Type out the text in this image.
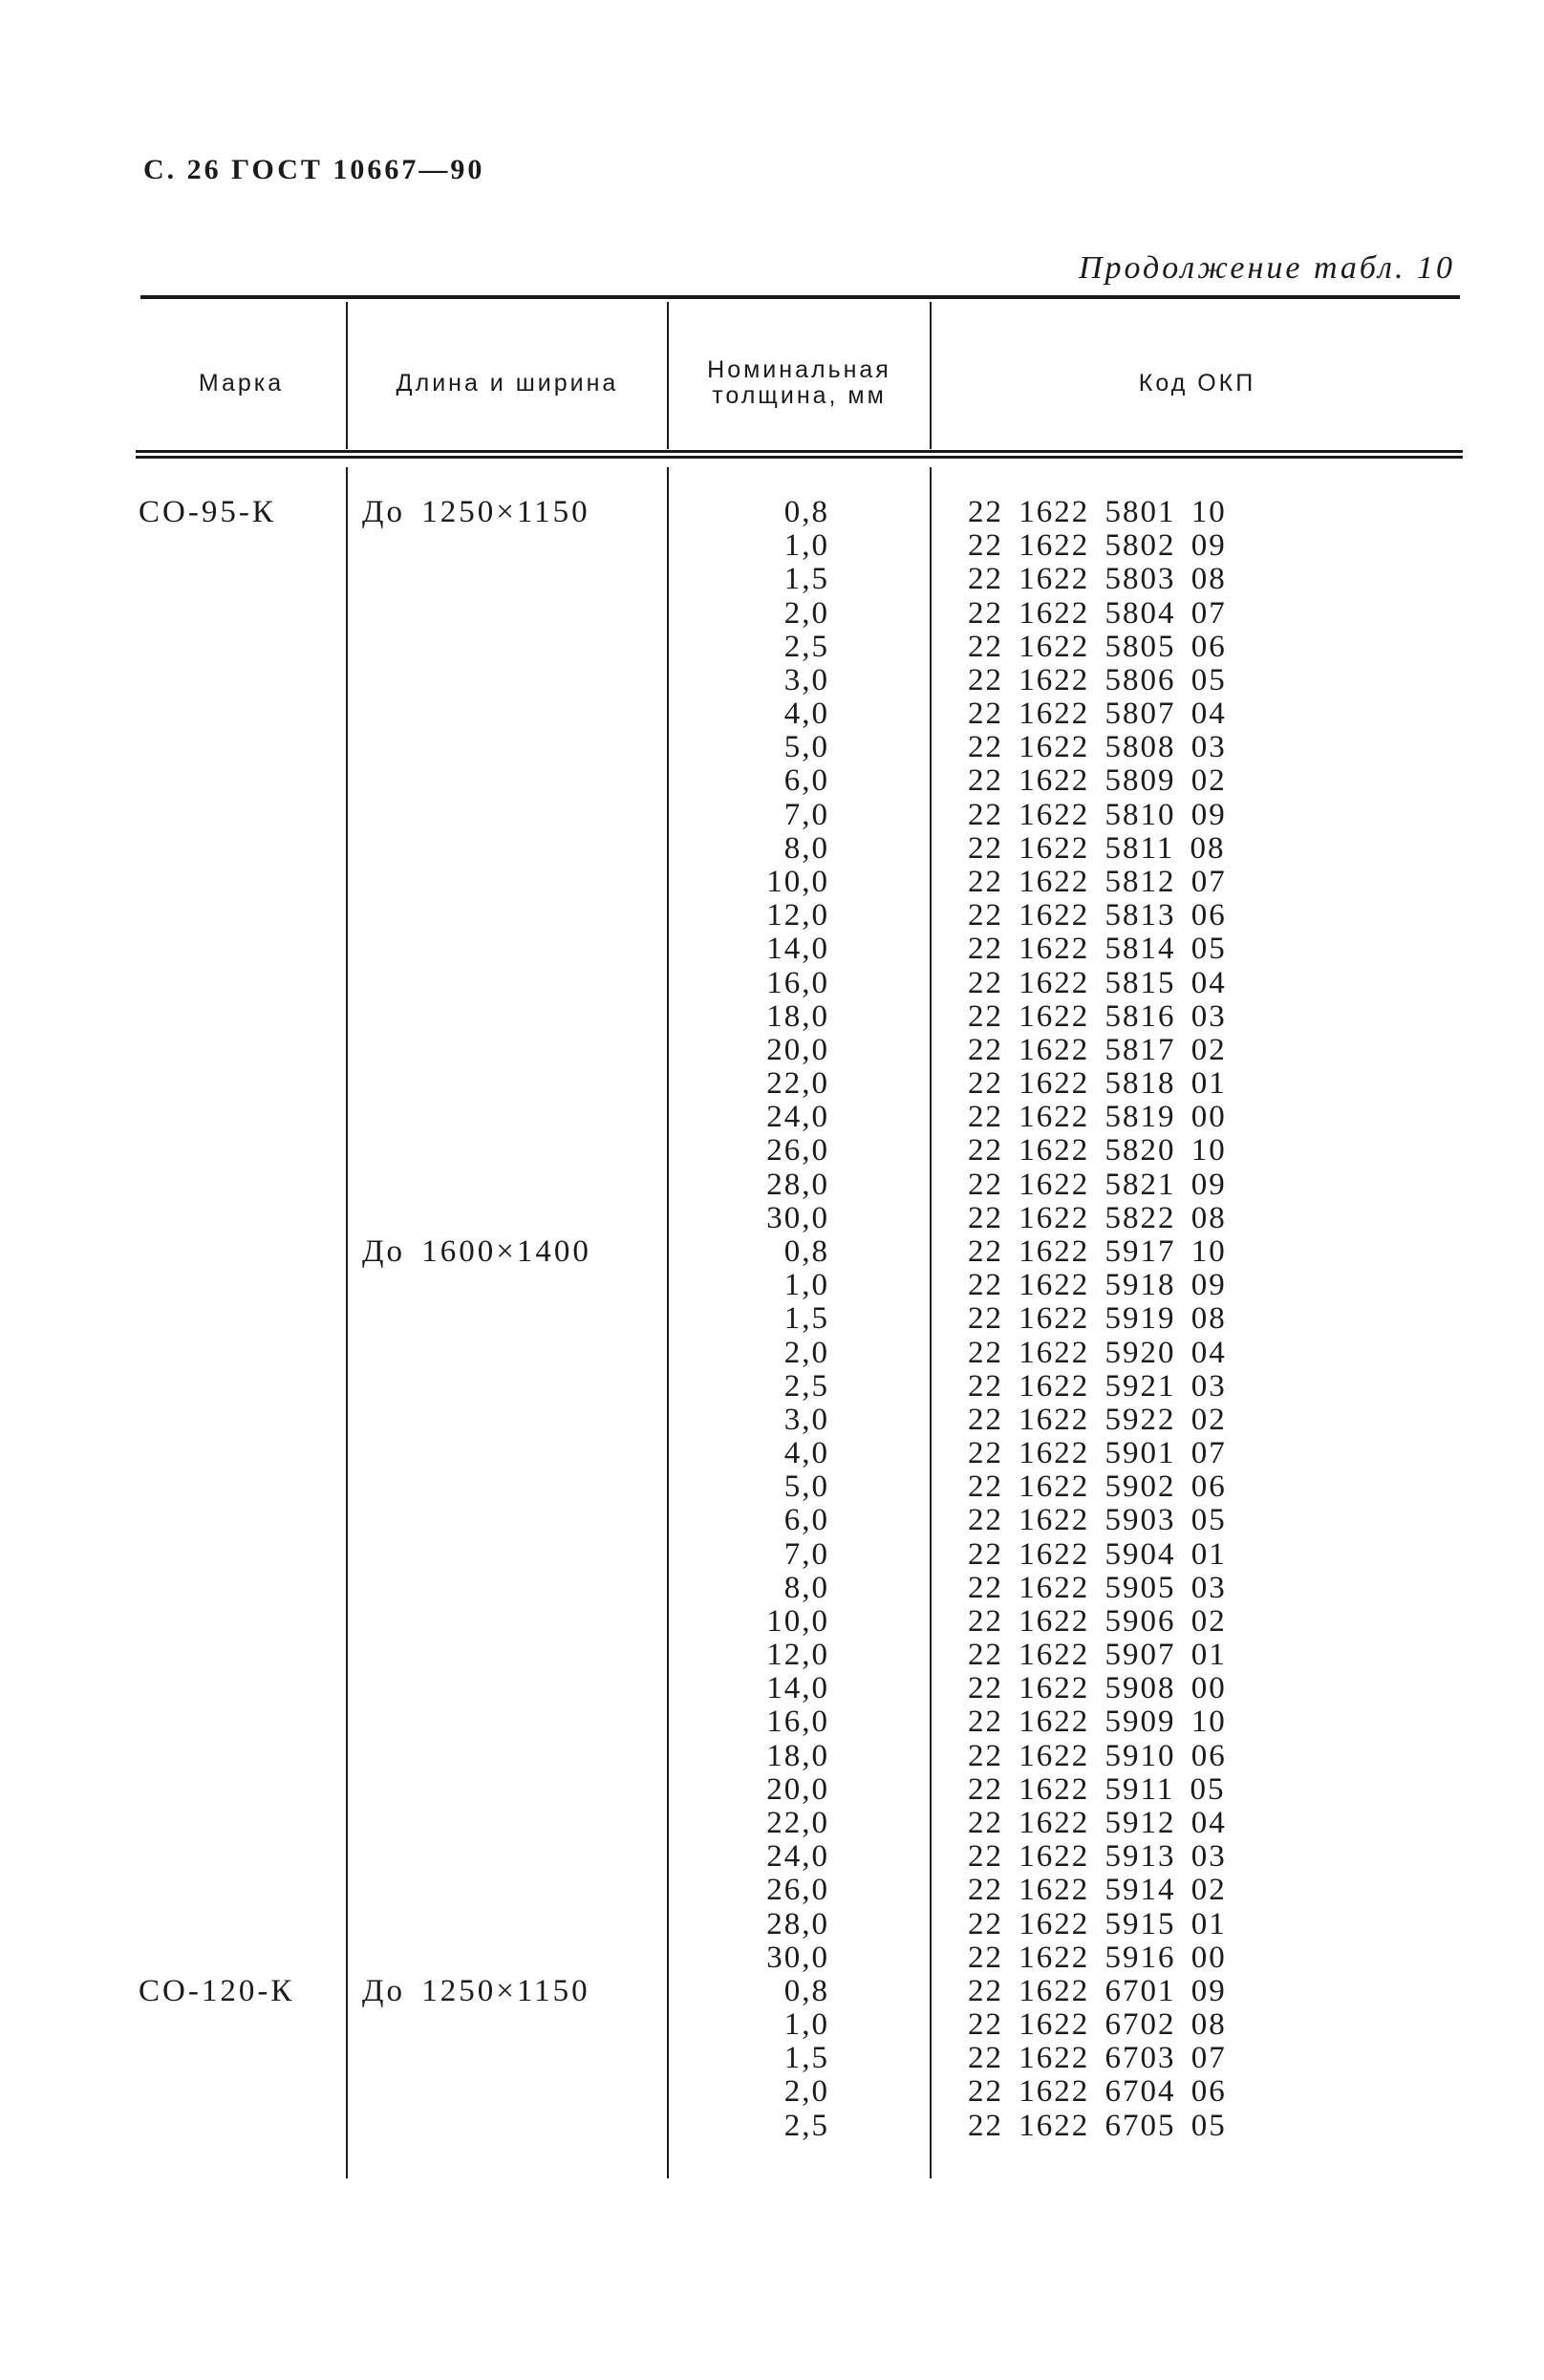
С. 26 ГОСТ 10667—90
Продолжение табл. 10
Марка	Длина и ширина	Номинальная толщина, мм	Код ОКП
СО-95-К	До 1250×1150	0,8	22 1622 5801 10
1,0	22 1622 5802 09
1,5	22 1622 5803 08
2,0	22 1622 5804 07
2,5	22 1622 5805 06
3,0	22 1622 5806 05
4,0	22 1622 5807 04
5,0	22 1622 5808 03
6,0	22 1622 5809 02
7,0	22 1622 5810 09
8,0	22 1622 5811 08
10,0	22 1622 5812 07
12,0	22 1622 5813 06
14,0	22 1622 5814 05
16,0	22 1622 5815 04
18,0	22 1622 5816 03
20,0	22 1622 5817 02
22,0	22 1622 5818 01
24,0	22 1622 5819 00
26,0	22 1622 5820 10
28,0	22 1622 5821 09
30,0	22 1622 5822 08
До 1600×1400	0,8	22 1622 5917 10
1,0	22 1622 5918 09
1,5	22 1622 5919 08
2,0	22 1622 5920 04
2,5	22 1622 5921 03
3,0	22 1622 5922 02
4,0	22 1622 5901 07
5,0	22 1622 5902 06
6,0	22 1622 5903 05
7,0	22 1622 5904 01
8,0	22 1622 5905 03
10,0	22 1622 5906 02
12,0	22 1622 5907 01
14,0	22 1622 5908 00
16,0	22 1622 5909 10
18,0	22 1622 5910 06
20,0	22 1622 5911 05
22,0	22 1622 5912 04
24,0	22 1622 5913 03
26,0	22 1622 5914 02
28,0	22 1622 5915 01
30,0	22 1622 5916 00
СО-120-К До 1250×1150	0,8	22 1622 6701 09
1,0	22 1622 6702 08
1,5	22 1622 6703 07
2,0	22 1622 6704 06
2,5	22 1622 6705 05
